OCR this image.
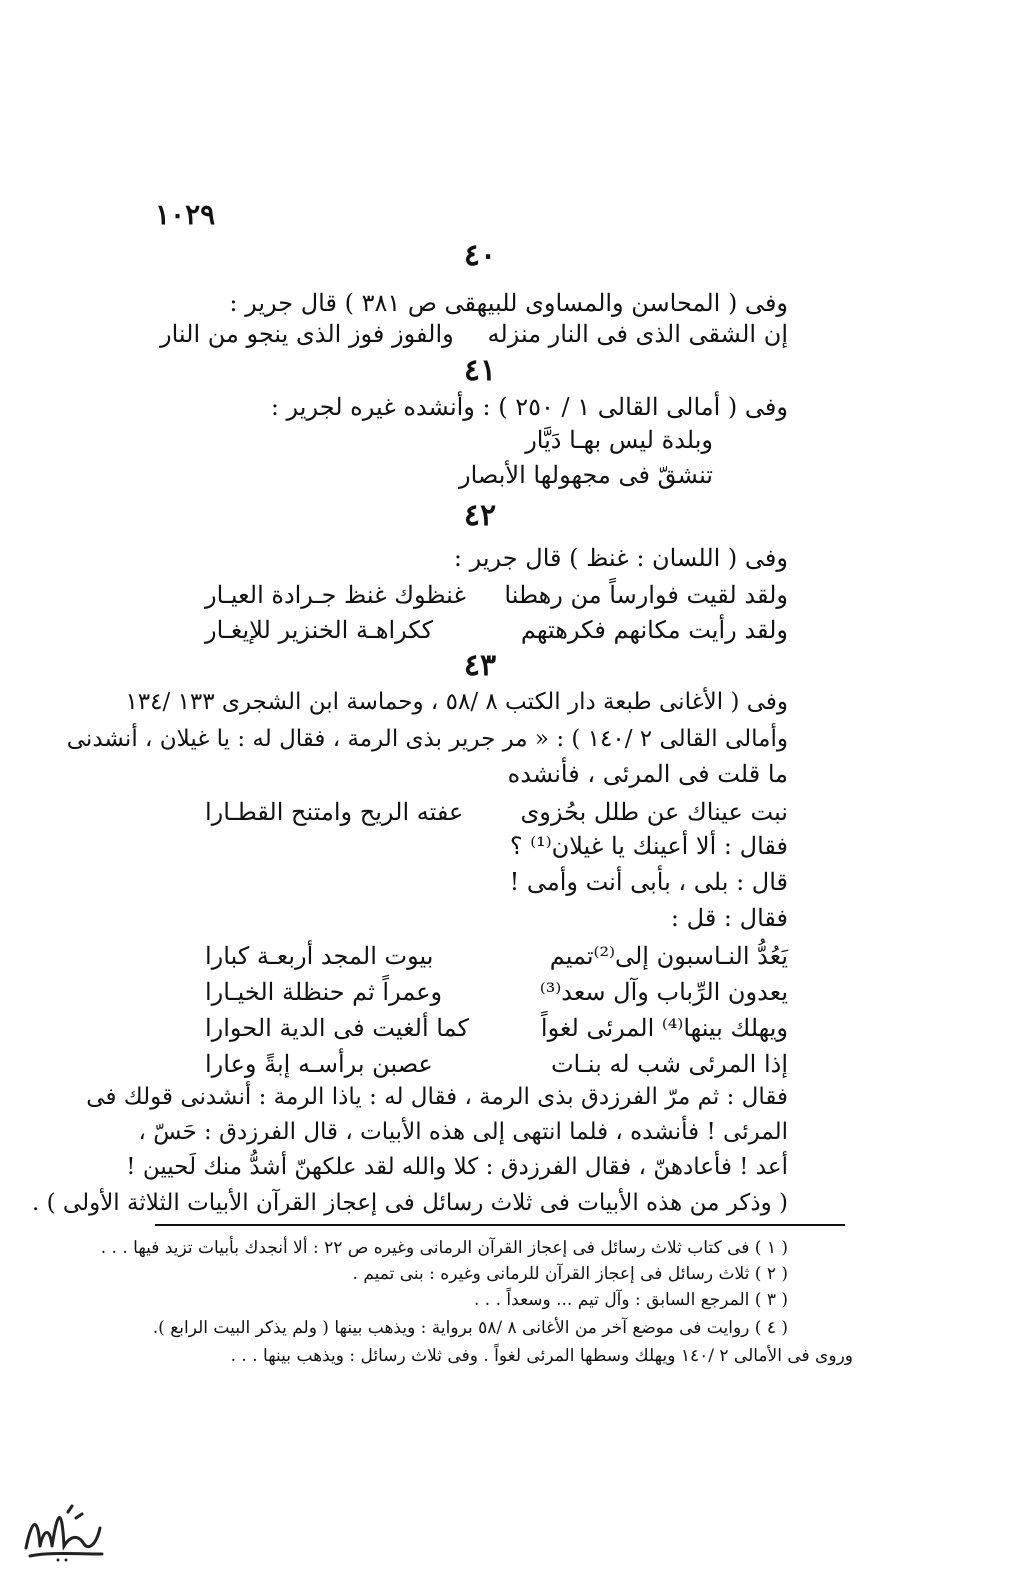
١٠٢٩
٤٠
وفى ( المحاسن والمساوى للبيهقى ص ٣٨١ ) قال جرير :
إن الشقى الذى فى النار منزله
والفوز فوز الذى ينجو من النار
٤١
وفى ( أمالى القالى ١ / ٢٥٠ ) : وأنشده غيره لجرير :
وبلدة ليس بهـا دَيَّار
تنشقّ فى مجهولها الأبصار
٤٢
وفى ( اللسان : غنظ ) قال جرير :
ولقد لقيت فوارساً من رهطنا
غنظوك غنظ جـرادة العيـار
ولقد رأيت مكانهم فكرهتهم
ككراهـة الخنزير للإيغـار
٤٣
وفى ( الأغانى طبعة دار الكتب ٨ /٥٨ ، وحماسة ابن الشجرى ١٣٣ /١٣٤
وأمالى القالى ٢ /١٤٠ ) : « مر جرير بذى الرمة ، فقال له : يا غيلان ، أنشدنى
ما قلت فى المرئى ، فأنشده
نبت عيناك عن طلل بحُزوى
عفته الريح وامتنح القطـارا
فقال : ألا أعينك يا غيلان⁽¹⁾ ؟
قال : بلى ، بأبى أنت وأمى !
فقال : قل :
يَعُدُّ النـاسبون إلى⁽²⁾تميم
بيوت المجد أربعـة كبارا
يعدون الرِّباب وآل سعد⁽³⁾
وعمراً ثم حنظلة الخيـارا
ويهلك بينها⁽⁴⁾ المرئى لغواً
كما ألغيت فى الدية الحوارا
إذا المرئى شب له بنـات
عصبن برأسـه إبةً وعارا
فقال : ثم مرّ الفرزدق بذى الرمة ، فقال له : ياذا الرمة : أنشدنى قولك فى
المرئى ! فأنشده ، فلما انتهى إلى هذه الأبيات ، قال الفرزدق : حَسّ ،
أعد ! فأعادهنّ ، فقال الفرزدق : كلا والله لقد علكهنّ أشدُّ منك لَحيين !
( وذكر من هذه الأبيات فى ثلاث رسائل فى إعجاز القرآن الأبيات الثلاثة الأولى ) .
( ١ ) فى كتاب ثلاث رسائل فى إعجاز القرآن الرمانى وغيره ص ٢٢ : ألا أنجدك بأبيات تزيد فيها . . .
( ٢ ) ثلاث رسائل فى إعجاز القرآن للرمانى وغيره : بنى تميم .
( ٣ ) المرجع السابق : وآل تيم ... وسعداً . . .
( ٤ ) روايت فى موضع آخر من الأغانى ٨ /٥٨ برواية : ويذهب بينها ( ولم يذكر البيت الرابع ).
وروى فى الأمالى ٢ /١٤٠ ويهلك وسطها المرئى لغواً . وفى ثلاث رسائل : ويذهب بينها . . .
